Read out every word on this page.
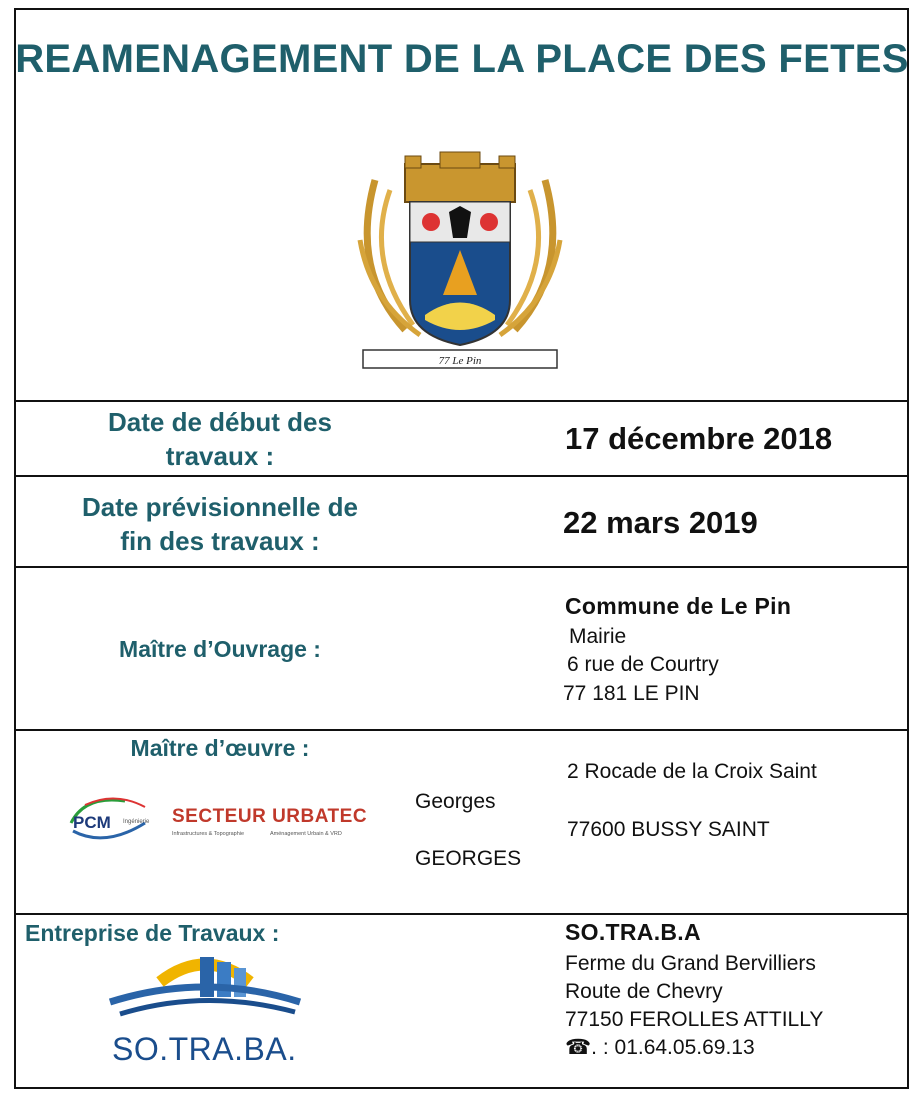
REAMENAGEMENT DE LA PLACE DES FETES
77 Le Pin
Date de début des
travaux :	17 décembre 2018
Date prévisionnelle de
fin des travaux :
22 mars 2019
Maître d’Ouvrage :
Commune de Le Pin
Mairie
6 rue de Courtry
77 181 LE PIN
Maître d’œuvre :
PCM Ingénierie SECTEUR URBATEC
Infrastructures & Topographie	Aménagement Urbain & VRD
Georges
GEORGES
2 Rocade de la Croix Saint
77600 BUSSY SAINT
Entreprise de Travaux :
SO.TRA.BA.
SO.TRA.B.A
Ferme du Grand Bervilliers
Route de Chevry
77150 FEROLLES ATTILLY
☎. : 01.64.05.69.13
